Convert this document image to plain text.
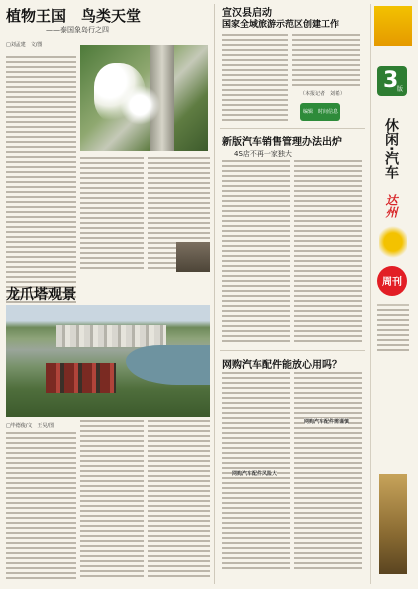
植物王国　鸟类天堂
——泰国象岛行之四
□刘孟建　文/图
龙爪塔观景
□毕德俊/文　王昊/图
宣汉县启动
国家全域旅游示范区创建工作
（本报记者　刘希）
编辑　时间信息
新版汽车销售管理办法出炉
4S店不再一家独大
网购汽车配件能放心用吗？
网购汽车配件风险大
网购汽车配件需谨慎
3
版
休闲·汽车
达州
周刊
